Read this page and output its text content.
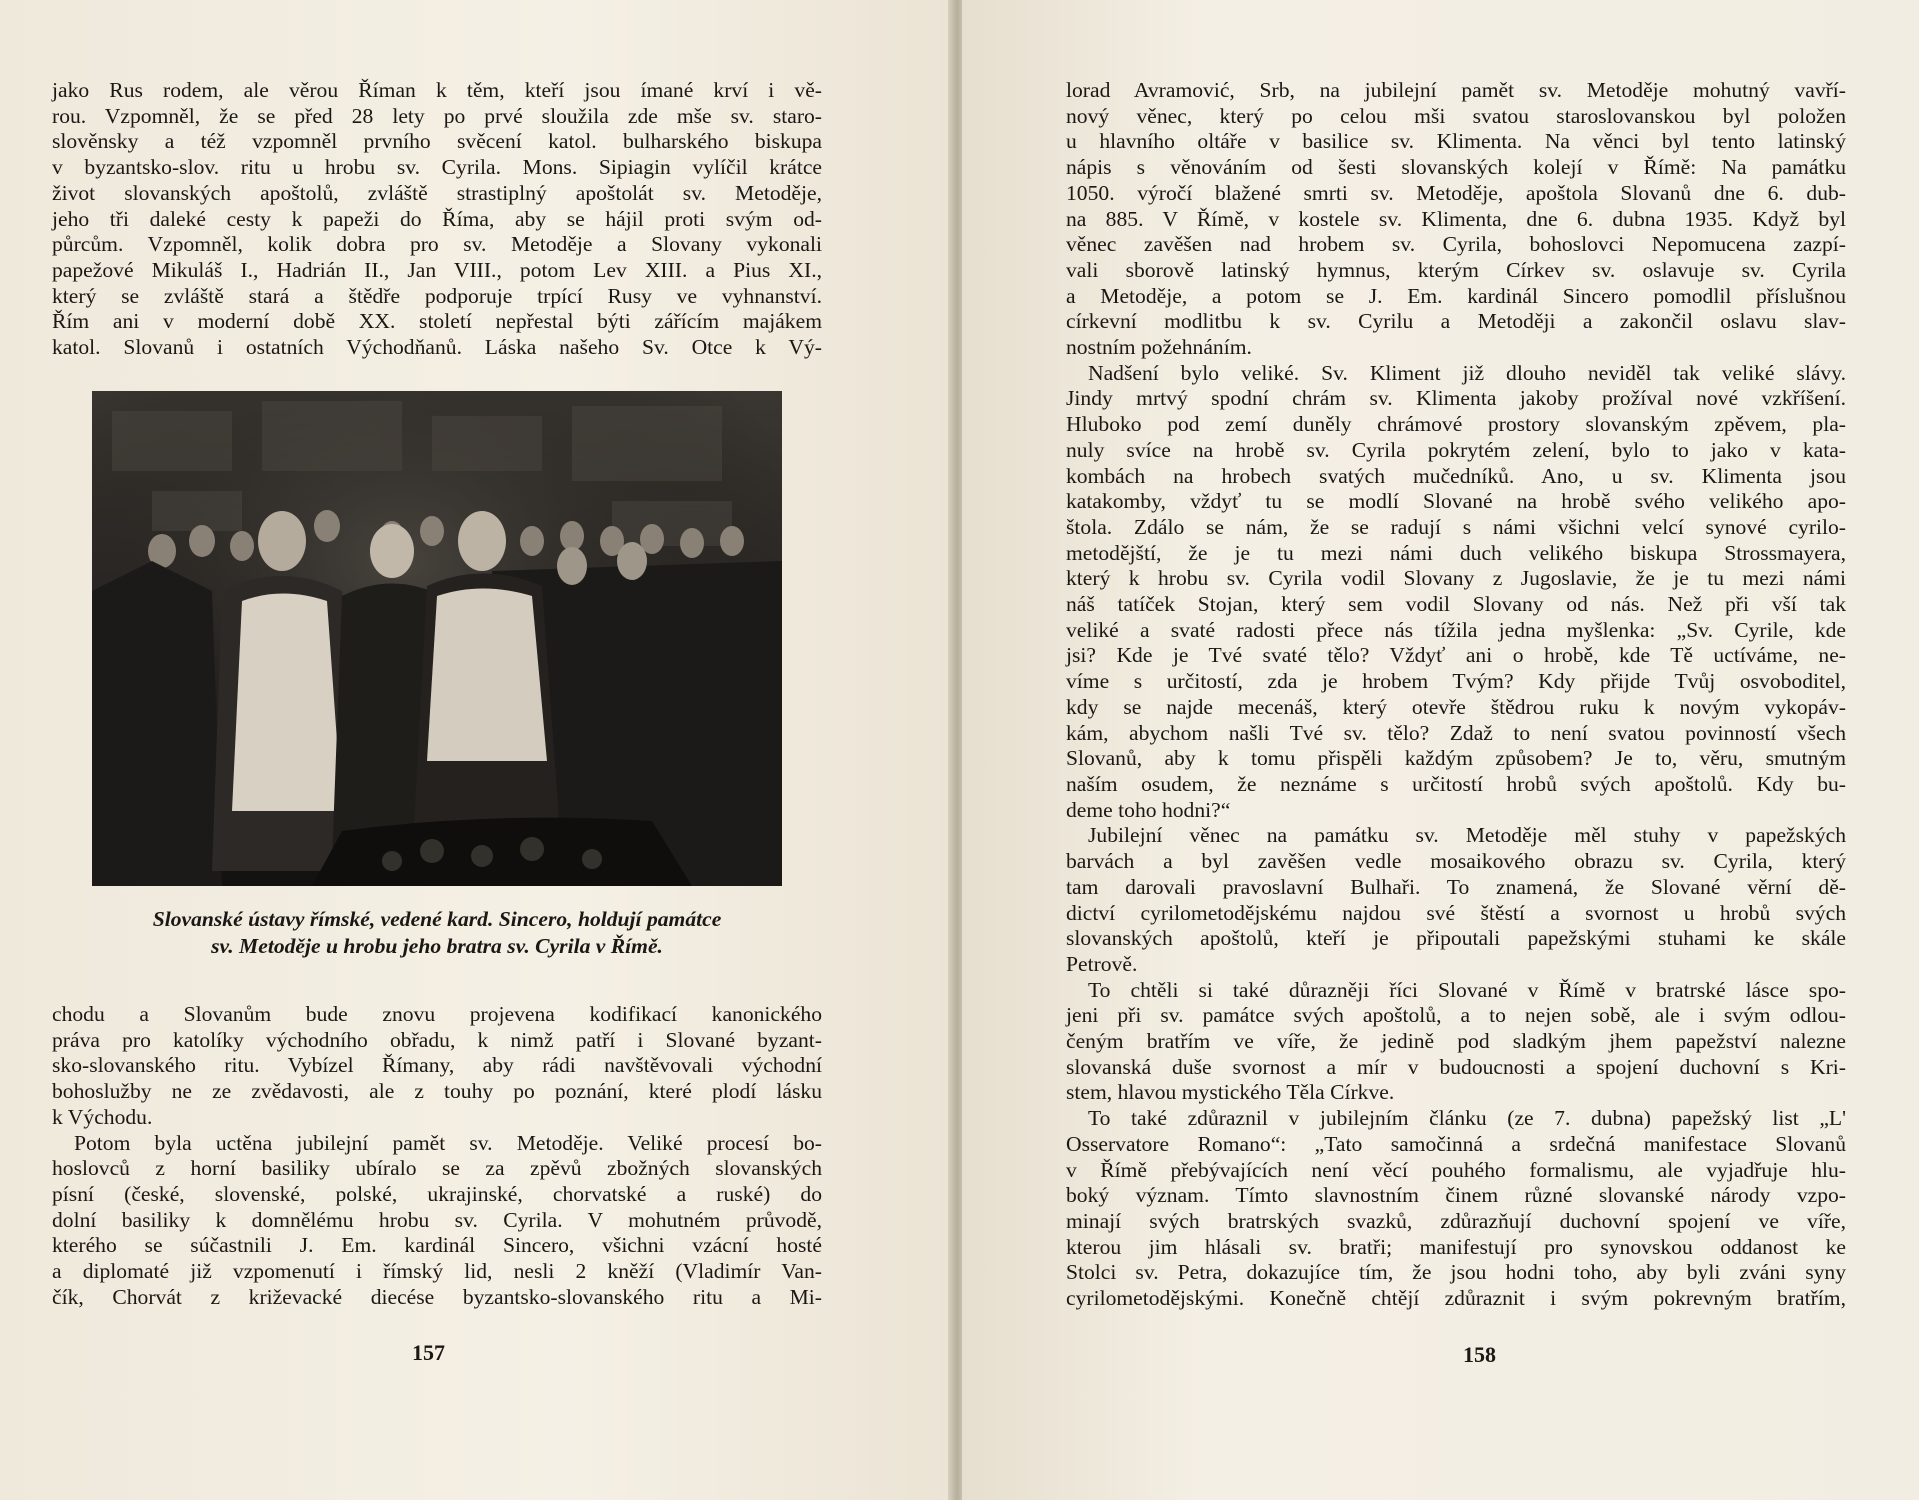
jako Rus rodem, ale věrou Říman k těm, kteří jsou ímané krví i vě-

rou. Vzpomněl, že se před 28 lety po prvé sloužila zde mše sv. staro-

slověnsky a též vzpomněl prvního svěcení katol. bulharského biskupa

v byzantsko-slov. ritu u hrobu sv. Cyrila. Mons. Sipiagin vylíčil krátce

život slovanských apoštolů, zvláště strastiplný apoštolát sv. Metoděje,

jeho tři daleké cesty k papeži do Říma, aby se hájil proti svým od-

půrcům. Vzpomněl, kolik dobra pro sv. Metoděje a Slovany vykonali

papežové Mikuláš I., Hadrián II., Jan VIII., potom Lev XIII. a Pius XI.,

který se zvláště stará a štědře podporuje trpící Rusy ve vyhnanství.

Řím ani v moderní době XX. století nepřestal býti zářícím majákem

katol. Slovanů i ostatních Východňanů. Láska našeho Sv. Otce k Vý-

Slovanské ústavy římské, vedené kard. Sincero, holdují památce
sv. Metoděje u hrobu jeho bratra sv. Cyrila v Římě.

chodu a Slovanům bude znovu projevena kodifikací kanonického

práva pro katolíky východního obřadu, k nimž patří i Slované byzant-

sko-slovanského ritu. Vybízel Římany, aby rádi navštěvovali východní

bohoslužby ne ze zvědavosti, ale z touhy po poznání, které plodí lásku

k Východu.

Potom byla uctěna jubilejní pamět sv. Metoděje. Veliké procesí bo-

hoslovců z horní basiliky ubíralo se za zpěvů zbožných slovanských

písní (české, slovenské, polské, ukrajinské, chorvatské a ruské) do

dolní basiliky k domnělému hrobu sv. Cyrila. V mohutném průvodě,

kterého se súčastnili J. Em. kardinál Sincero, všichni vzácní hosté

a diplomaté již vzpomenutí i římský lid, nesli 2 kněží (Vladimír Van-

čík, Chorvát z križevacké diecése byzantsko-slovanského ritu a Mi-

157

lorad Avramović, Srb, na jubilejní pamět sv. Metoděje mohutný vavří-

nový věnec, který po celou mši svatou staroslovanskou byl položen

u hlavního oltáře v basilice sv. Klimenta. Na věnci byl tento latinský

nápis s věnováním od šesti slovanských kolejí v Římě: Na památku

1050. výročí blažené smrti sv. Metoděje, apoštola Slovanů dne 6. dub-

na 885. V Římě, v kostele sv. Klimenta, dne 6. dubna 1935. Když byl

věnec zavěšen nad hrobem sv. Cyrila, bohoslovci Nepomucena zazpí-

vali sborově latinský hymnus, kterým Církev sv. oslavuje sv. Cyrila

a Metoděje, a potom se J. Em. kardinál Sincero pomodlil příslušnou

církevní modlitbu k sv. Cyrilu a Metoději a zakončil oslavu slav-

nostním požehnáním.

Nadšení bylo veliké. Sv. Kliment již dlouho neviděl tak veliké slávy.

Jindy mrtvý spodní chrám sv. Klimenta jakoby prožíval nové vzkříšení.

Hluboko pod zemí duněly chrámové prostory slovanským zpěvem, pla-

nuly svíce na hrobě sv. Cyrila pokrytém zelení, bylo to jako v kata-

kombách na hrobech svatých mučedníků. Ano, u sv. Klimenta jsou

katakomby, vždyť tu se modlí Slované na hrobě svého velikého apo-

štola. Zdálo se nám, že se radují s námi všichni velcí synové cyrilo-

metodějští, že je tu mezi námi duch velikého biskupa Strossmayera,

který k hrobu sv. Cyrila vodil Slovany z Jugoslavie, že je tu mezi námi

náš tatíček Stojan, který sem vodil Slovany od nás. Než při vší tak

veliké a svaté radosti přece nás tížila jedna myšlenka: „Sv. Cyrile, kde

jsi? Kde je Tvé svaté tělo? Vždyť ani o hrobě, kde Tě uctíváme, ne-

víme s určitostí, zda je hrobem Tvým? Kdy přijde Tvůj osvoboditel,

kdy se najde mecenáš, který otevře štědrou ruku k novým vykopáv-

kám, abychom našli Tvé sv. tělo? Zdaž to není svatou povinností všech

Slovanů, aby k tomu přispěli každým způsobem? Je to, věru, smutným

naším osudem, že neznáme s určitostí hrobů svých apoštolů. Kdy bu-

deme toho hodni?“

Jubilejní věnec na památku sv. Metoděje měl stuhy v papežských

barvách a byl zavěšen vedle mosaikového obrazu sv. Cyrila, který

tam darovali pravoslavní Bulhaři. To znamená, že Slované věrní dě-

dictví cyrilometodějskému najdou své štěstí a svornost u hrobů svých

slovanských apoštolů, kteří je připoutali papežskými stuhami ke skále

Petrově.

To chtěli si také důrazněji říci Slované v Římě v bratrské lásce spo-

jeni při sv. památce svých apoštolů, a to nejen sobě, ale i svým odlou-

čeným bratřím ve víře, že jedině pod sladkým jhem papežství nalezne

slovanská duše svornost a mír v budoucnosti a spojení duchovní s Kri-

stem, hlavou mystického Těla Církve.

To také zdůraznil v jubilejním článku (ze 7. dubna) papežský list „L'

Osservatore Romano“: „Tato samočinná a srdečná manifestace Slovanů

v Římě přebývajících není věcí pouhého formalismu, ale vyjadřuje hlu-

boký význam. Tímto slavnostním činem různé slovanské národy vzpo-

minají svých bratrských svazků, zdůrazňují duchovní spojení ve víře,

kterou jim hlásali sv. bratři; manifestují pro synovskou oddanost ke

Stolci sv. Petra, dokazujíce tím, že jsou hodni toho, aby byli zváni syny

cyrilometodějskými. Konečně chtějí zdůraznit i svým pokrevným bratřím,

158
